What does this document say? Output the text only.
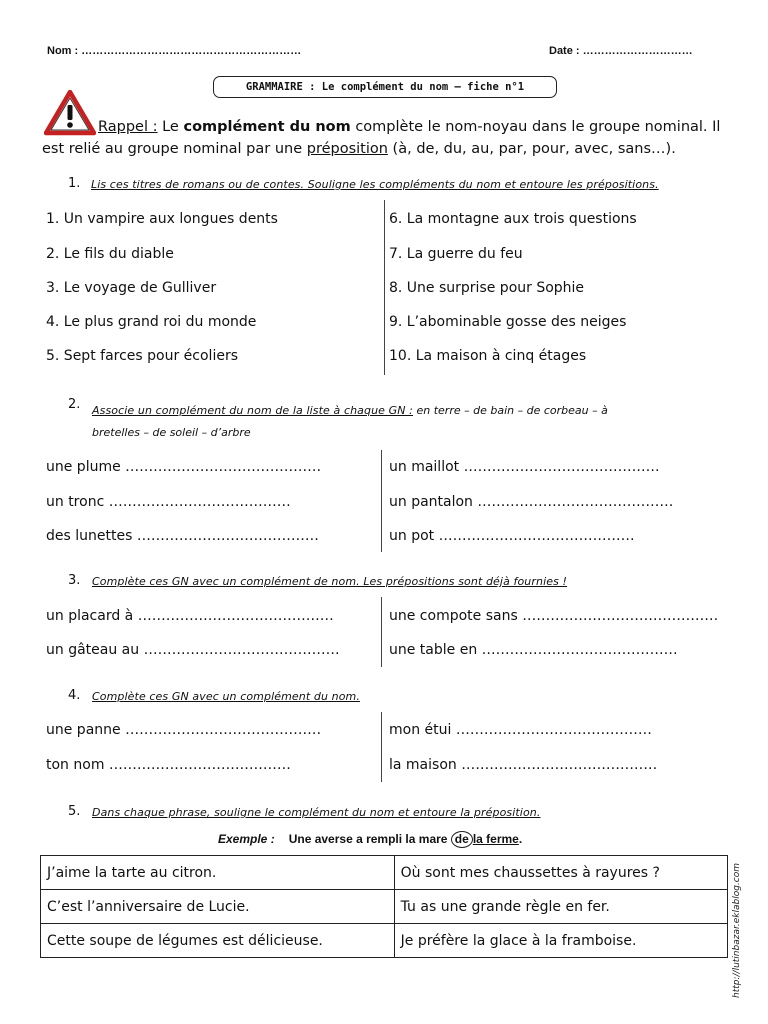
Nom : ……………………………………………………	Date : …………………………
GRAMMAIRE : Le complément du nom – fiche n°1
Rappel : Le complément du nom complète le nom-noyau dans le groupe nominal. Il est relié au groupe nominal par une préposition (à, de, du, au, par, pour, avec, sans…).
1. Lis ces titres de romans ou de contes. Souligne les compléments du nom et entoure les prépositions.
1. Un vampire aux longues dents
2. Le fils du diable
3. Le voyage de Gulliver
4. Le plus grand roi du monde
5. Sept farces pour écoliers
6. La montagne aux trois questions
7. La guerre du feu
8. Une surprise pour Sophie
9. L’abominable gosse des neiges
10. La maison à cinq étages
2. Associe un complément du nom de la liste à chaque GN : en terre – de bain – de corbeau – à
bretelles – de soleil – d’arbre
une plume ……………………………………
un tronc …………………………………
des lunettes …………………………………
un maillot ……………………………………
un pantalon ……………………………………
un pot ……………………………………
3. Complète ces GN avec un complément de nom. Les prépositions sont déjà fournies !
un placard à ……………………………………
un gâteau au ……………………………………
une compote sans ……………………………………
une table en ……………………………………
4. Complète ces GN avec un complément du nom.
une panne ……………………………………
ton nom …………………………………
mon étui ……………………………………
la maison ……………………………………
5. Dans chaque phrase, souligne le complément du nom et entoure la préposition.
Exemple : Une averse a rempli la mare de la ferme.
J’aime la tarte au citron.	Où sont mes chaussettes à rayures ?
C’est l’anniversaire de Lucie.	Tu as une grande règle en fer.
Cette soupe de légumes est délicieuse.	Je préfère la glace à la framboise.	http://lutinbazar.eklablog.com
